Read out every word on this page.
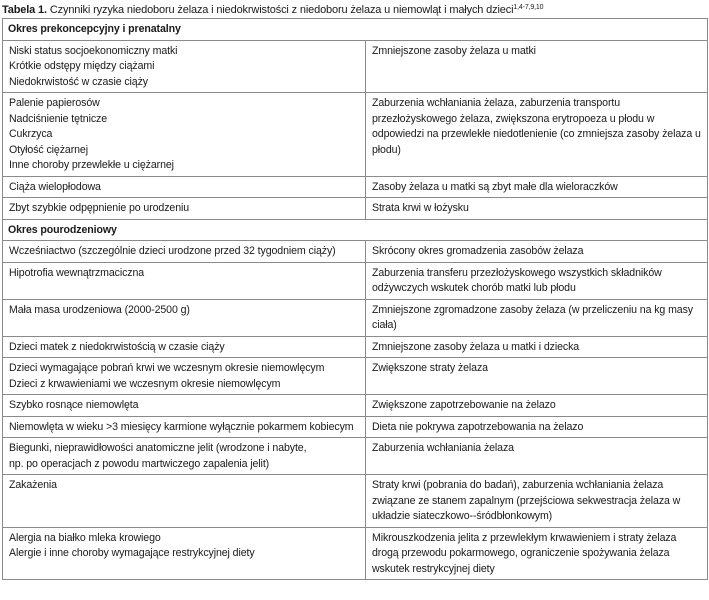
Tabela 1. Czynniki ryzyka niedoboru żelaza i niedokrwistości z niedoboru żelaza u niemowląt i małych dzieci$^{1,4-7,9,10}$
Okres prekoncepcyjny i prenatalny	

Niski status socjoekonomiczny matki
Krótkie odstępy między ciążami
Niedokrwistość w czasie ciąży	Zmniejszone zasoby żelaza u matki

Palenie papierosów
Nadciśnienie tętnicze
Cukrzyca
Otyłość ciężarnej
Inne choroby przewlekłe u ciężarnej	Zaburzenia wchłaniania żelaza, zaburzenia transportu przezłożyskowego żelaza, zwiększona erytropoeza u płodu w odpowiedzi na przewlekłe niedotlenienie (co zmniejsza zasoby żelaza u płodu)

Ciąża wielopłodowa	Zasoby żelaza u matki są zbyt małe dla wieloraczków

Zbyt szybkie odpępnienie po urodzeniu	Strata krwi w łożysku

Okres pourodzeniowy	

Wcześniactwo (szczególnie dzieci urodzone przed 32 tygodniem ciąży)	Skrócony okres gromadzenia zasobów żelaza

Hipotrofia wewnątrzmaciczna	Zaburzenia transferu przezłożyskowego wszystkich składników odżywczych wskutek chorób matki lub płodu

Mała masa urodzeniowa (2000-2500 g)	Zmniejszone zgromadzone zasoby żelaza (w przeliczeniu na kg masy ciała)

Dzieci matek z niedokrwistością w czasie ciąży	Zmniejszone zasoby żelaza u matki i dziecka

Dzieci wymagające pobrań krwi we wczesnym okresie niemowlęcym
Dzieci z krwawieniami we wczesnym okresie niemowlęcym	Zwiększone straty żelaza

Szybko rosnące niemowlęta	Zwiększone zapotrzebowanie na żelazo

Niemowlęta w wieku >3 miesięcy karmione wyłącznie pokarmem kobiecym	Dieta nie pokrywa zapotrzebowania na żelazo

Biegunki, nieprawidłowości anatomiczne jelit (wrodzone i nabyte,
np. po operacjach z powodu martwiczego zapalenia jelit)	Zaburzenia wchłaniania żelaza

Zakażenia	Straty krwi (pobrania do badań), zaburzenia wchłaniania żelaza związane ze stanem zapalnym (przejściowa sekwestracja żelaza w układzie siateczkowo--śródbłonkowym)

Alergia na białko mleka krowiego
Alergie i inne choroby wymagające restrykcyjnej diety	Mikrouszkodzenia jelita z przewlekłym krwawieniem i straty żelaza drogą przewodu pokarmowego, ograniczenie spożywania żelaza wskutek restrykcyjnej diety
